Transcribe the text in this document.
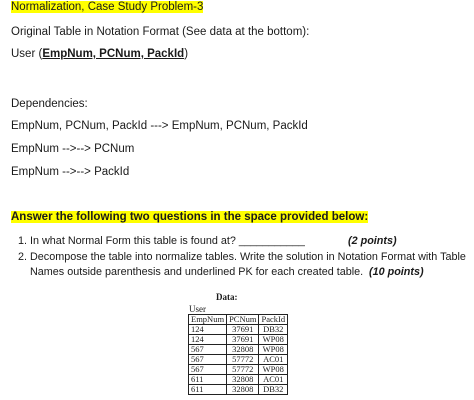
Normalization, Case Study Problem-3
Original Table in Notation Format (See data at the bottom):
User (EmpNum, PCNum, PackId)
Dependencies:
EmpNum, PCNum, PackId ---> EmpNum, PCNum, PackId
EmpNum -->--> PCNum
EmpNum -->--> PackId
Answer the following two questions in the space provided below:
1. In what Normal Form this table is found at? ___________	(2 points)
2. Decompose the table into normalize tables. Write the solution in Notation Format with Table
Names outside parenthesis and underlined PK for each created table. (10 points)
Data:
User
EmpNum	PCNum	PackId
124	37691	DB32
124	37691	WP08
567	32808	WP08
567	57772	AC01
567	57772	WP08
611	32808	AC01
611	32808	DB32
